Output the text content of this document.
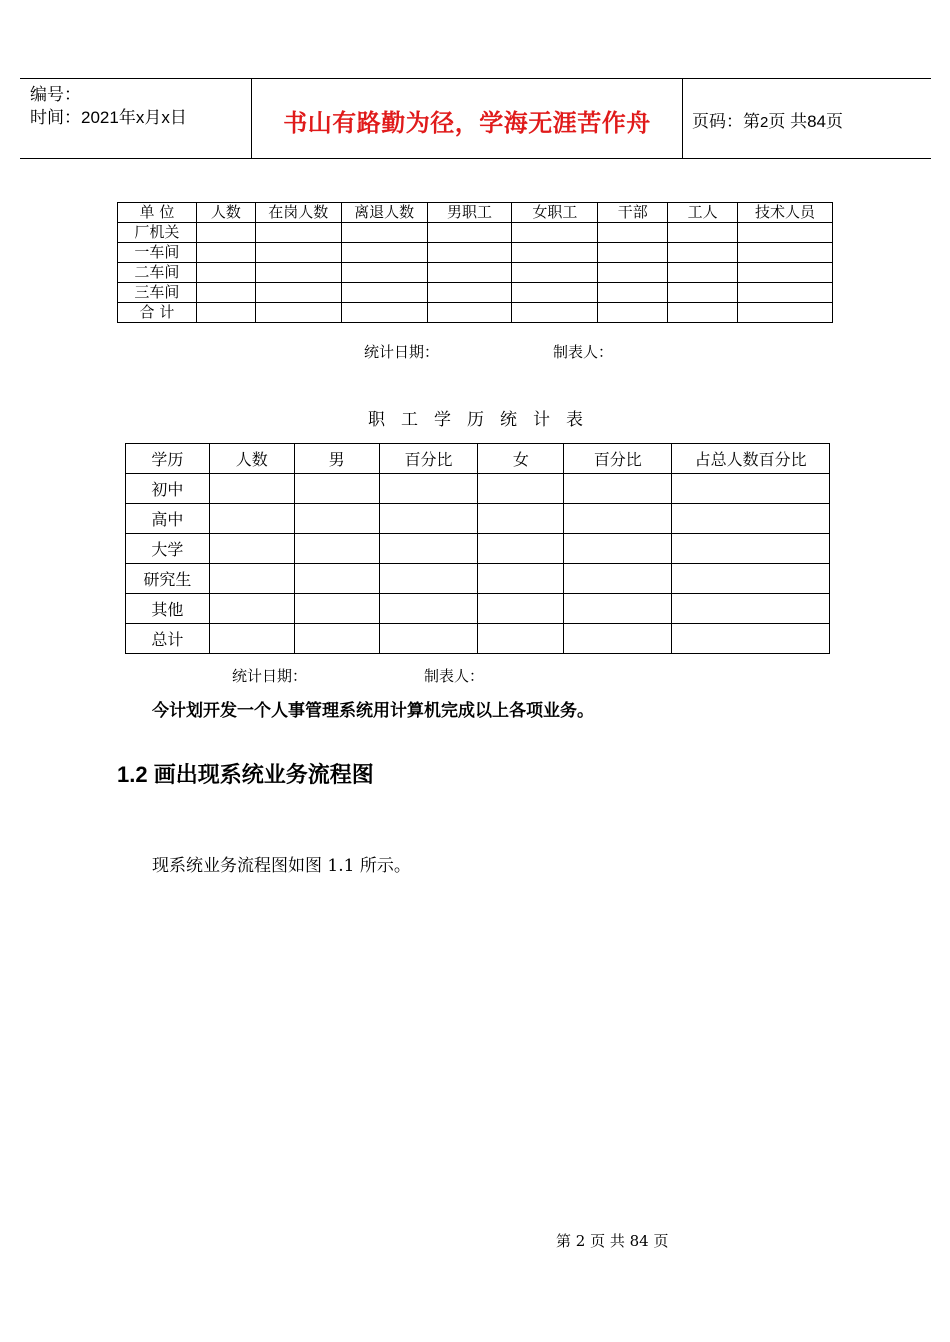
编号：
时间：2021年x月x日	书山有路勤为径，学海无涯苦作舟	页码：第2页 共84页
单 位	人数	在岗人数	离退人数	男职工	女职工	干部	工人	技术人员
厂机关								
一车间								
二车间								
三车间								
合 计								
统计日期：	制表人：
职工学历统计表
学历	人数	男	百分比	女	百分比	占总人数百分比
初中						
高中						
大学						
研究生						
其他						
总计						
统计日期：	制表人：
今计划开发一个人事管理系统用计算机完成以上各项业务。
1.2 画出现系统业务流程图
现系统业务流程图如图 1.1 所示。
第 2 页 共 84 页
